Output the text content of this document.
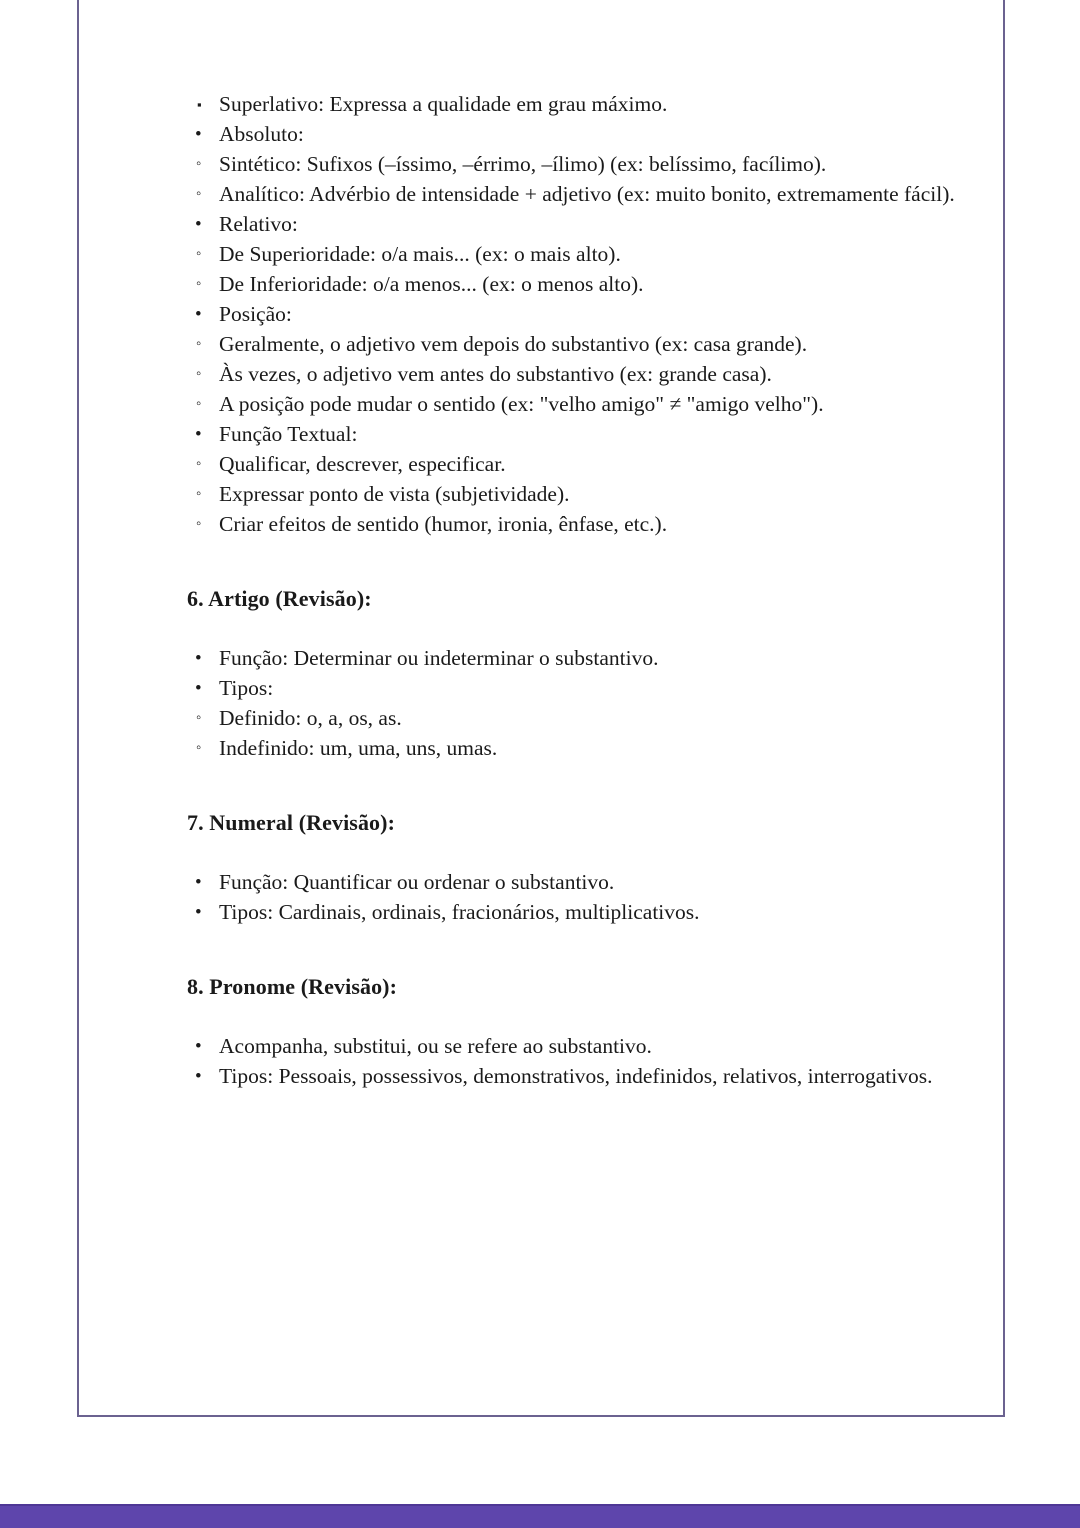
▪ Superlativo: Expressa a qualidade em grau máximo.
• Absoluto:
◦ Sintético: Sufixos (–íssimo, –érrimo, –ílimo) (ex: belíssimo, facílimo).
◦ Analítico: Advérbio de intensidade + adjetivo (ex: muito bonito, extremamente fácil).
• Relativo:
◦ De Superioridade: o/a mais... (ex: o mais alto).
◦ De Inferioridade: o/a menos... (ex: o menos alto).
• Posição:
◦ Geralmente, o adjetivo vem depois do substantivo (ex: casa grande).
◦ Às vezes, o adjetivo vem antes do substantivo (ex: grande casa).
◦ A posição pode mudar o sentido (ex: "velho amigo" ≠ "amigo velho").
• Função Textual:
◦ Qualificar, descrever, especificar.
◦ Expressar ponto de vista (subjetividade).
◦ Criar efeitos de sentido (humor, ironia, ênfase, etc.).
6. Artigo (Revisão):
• Função: Determinar ou indeterminar o substantivo.
• Tipos:
◦ Definido: o, a, os, as.
◦ Indefinido: um, uma, uns, umas.
7. Numeral (Revisão):
• Função: Quantificar ou ordenar o substantivo.
• Tipos: Cardinais, ordinais, fracionários, multiplicativos.
8. Pronome (Revisão):
• Acompanha, substitui, ou se refere ao substantivo.
• Tipos: Pessoais, possessivos, demonstrativos, indefinidos, relativos, interrogativos.
